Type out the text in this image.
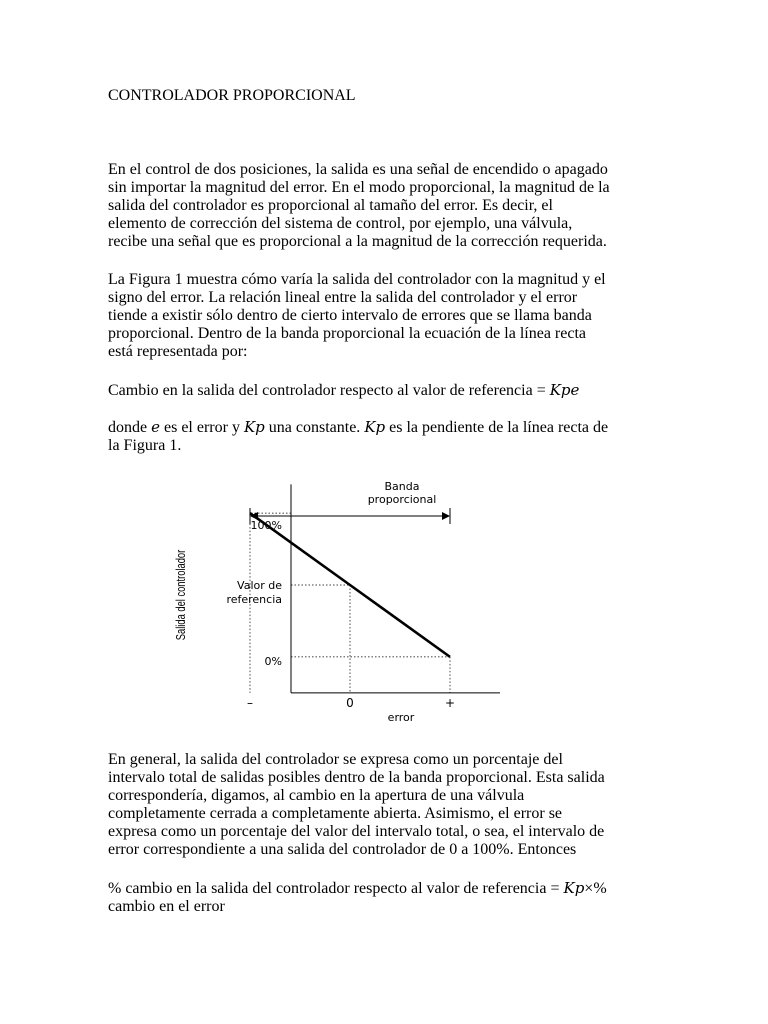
CONTROLADOR PROPORCIONAL

En el control de dos posiciones, la salida es una señal de encendido o apagado
sin importar la magnitud del error. En el modo proporcional, la magnitud de la
salida del controlador es proporcional al tamaño del error. Es decir, el
elemento de corrección del sistema de control, por ejemplo, una válvula,
recibe una señal que es proporcional a la magnitud de la corrección requerida.

La Figura 1 muestra cómo varía la salida del controlador con la magnitud y el
signo del error. La relación lineal entre la salida del controlador y el error
tiende a existir sólo dentro de cierto intervalo de errores que se llama banda
proporcional. Dentro de la banda proporcional la ecuación de la línea recta
está representada por:

Cambio en la salida del controlador respecto al valor de referencia = Kpe

donde e es el error y Kp una constante. Kp es la pendiente de la línea recta de
la Figura 1.

En general, la salida del controlador se expresa como un porcentaje del
intervalo total de salidas posibles dentro de la banda proporcional. Esta salida
correspondería, digamos, al cambio en la apertura de una válvula
completamente cerrada a completamente abierta. Asimismo, el error se
expresa como un porcentaje del valor del intervalo total, o sea, el intervalo de
error correspondiente a una salida del controlador de 0 a 100%. Entonces

% cambio en la salida del controlador respecto al valor de referencia = Kp×%
cambio en el error

Banda
proporcional
Salida del controlador
error
100%
Valor de
referencia
0%
–	0	+
